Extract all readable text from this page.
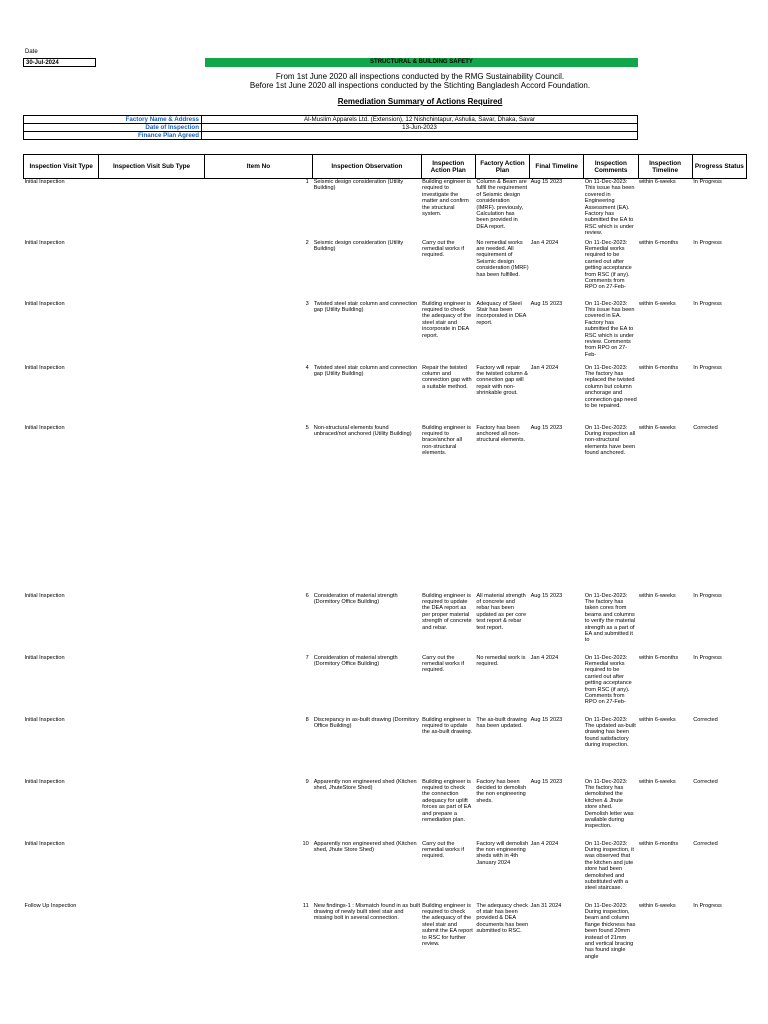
Date
30-Jul-2024	STRUCTURAL & BUILDING SAFETY
From 1st June 2020 all inspections conducted by the RMG Sustainability Council.
Before 1st June 2020 all inspections conducted by the Stichting Bangladesh Accord Foundation.
Remediation Summary of Actions Required
Factory Name & Address	Al-Muslim Apparels Ltd. (Extension), 12 Nishchintapur, Ashulia, Savar, Dhaka, Savar
Date of Inspection	13-Jun-2023
Finance Plan Agreed	
Inspection Visit Type	Inspection Visit Sub Type	Item No	Inspection Observation	Inspection Action Plan	Factory Action Plan	Final Timeline	Inspection Comments	Inspection Timeline	Progress Status
Initial Inspection		1	Seismic design consideration (Utility Building)	Building engineer is required to investigate the matter and confirm the structural system.	Column & Beam are fulfil the requirement of Seismic design consideration (IMRF). previously, Calculation has been provided in DEA report.	Aug 15 2023	On 11-Dec-2023: This issue has been covered in Engineering Assessment (EA). Factory has submitted the EA to RSC which is under review.	within 6-weeks	In Progress
Initial Inspection		2	Seismic design consideration (Utility Building)	Carry out the remedial works if required.	No remedial works are needed. All requirement of Seismic design consideration (IMRF) has been fulfilled.	Jan 4 2024	On 11-Dec-2023: Remedial works required to be carried out after getting acceptance from RSC (if any). Comments from RPO on 27-Feb-	within 6-months	In Progress
Initial Inspection		3	Twisted steel stair column and connection gap (Utility Building)	Building engineer is required to check the adequacy of the steel stair and incorporate in DEA report.	Adequacy of Steel Stair has been incorporated in DEA report.	Aug 15 2023	On 11-Dec-2023: This issue has been covered in EA. Factory has submitted the EA to RSC which is under review. Comments from RPO on 27-Feb-	within 6-weeks	In Progress
Initial Inspection		4	Twisted steel stair column and connection gap (Utility Building)	Repair the twisted column and connection gap with a suitable method.	Factory will repair the twisted column & connection gap will repair with non-shrinkable grout.	Jan 4 2024	On 11-Dec-2023: The factory has replaced the twisted column but column anchorage and connection gap need to be repaired.	within 6-months	In Progress
Initial Inspection		5	Non-structural elements found unbraced/not anchored (Utility Building)	Building engineer is required to brace/anchor all non-structural elements.	Factory has been anchored all non-structural elements.	Aug 15 2023	On 11-Dec-2023: During inspection all non-structural elements have been found anchored.	within 6-weeks	Corrected
Initial Inspection		6	Consideration of material strength (Dormitory Office Building)	Building engineer is required to update the DEA report as per proper material strength of concrete and rebar.	All material strength of concrete and rebar has been updated as per core test report & rebar test report.	Aug 15 2023	On 11-Dec-2023: The factory has taken cores from beams and columns to verify the material strength as a part of EA and submitted it to	within 6-weeks	In Progress
Initial Inspection		7	Consideration of material strength (Dormitory Office Building)	Carry out the remedial works if required.	No remedial work is required.	Jan 4 2024	On 11-Dec-2023: Remedial works required to be carried out after getting acceptance from RSC (if any). Comments from RPO on 27-Feb-	within 6-months	In Progress
Initial Inspection		8	Discrepancy in as-built drawing (Dormitory Office Building)	Building engineer is required to update the as-built drawing.	The as-built drawing has been updated.	Aug 15 2023	On 11-Dec-2023: The updated as-built drawing has been found satisfactory during inspection.	within 6-weeks	Corrected
Initial Inspection		9	Apparently non engineered shed (Kitchen shed, JhuteStore Shed)	Building engineer is required to check the connection adequacy for uplift forces as part of EA and prepare a remediation plan.	Factory has been decided to demolish the non engineering sheds.	Aug 15 2023	On 11-Dec-2023: The factory has demolished the kitchen & Jhute store shed. Demolish letter was available during inspection.	within 6-weeks	Corrected
Initial Inspection		10	Apparently non engineered shed (Kitchen shed, Jhute Store Shed)	Carry out the remedial works if required.	Factory will demolish the non engineering sheds with in 4th January 2024	Jan 4 2024	On 11-Dec-2023: During inspection, it was observed that the kitchen and jute store had been demolished and substituted with a steel staircase.	within 6-months	Corrected
Follow Up Inspection		11	New findings-1 : Mismatch found in as built drawing of newly built steel stair and missing bolt in several connection.	Building engineer is required to check the adequacy of the steel stair and submit the EA report to RSC for further review.	The adequacy check of stair has been provided & DEA documents has been submitted to RSC.	Jan 31 2024	On 11-Dec-2023: During inspection, beam and column flange thickness has been found 20mm instead of 21mm and vertical bracing has found single angle	within 6-weeks	In Progress
